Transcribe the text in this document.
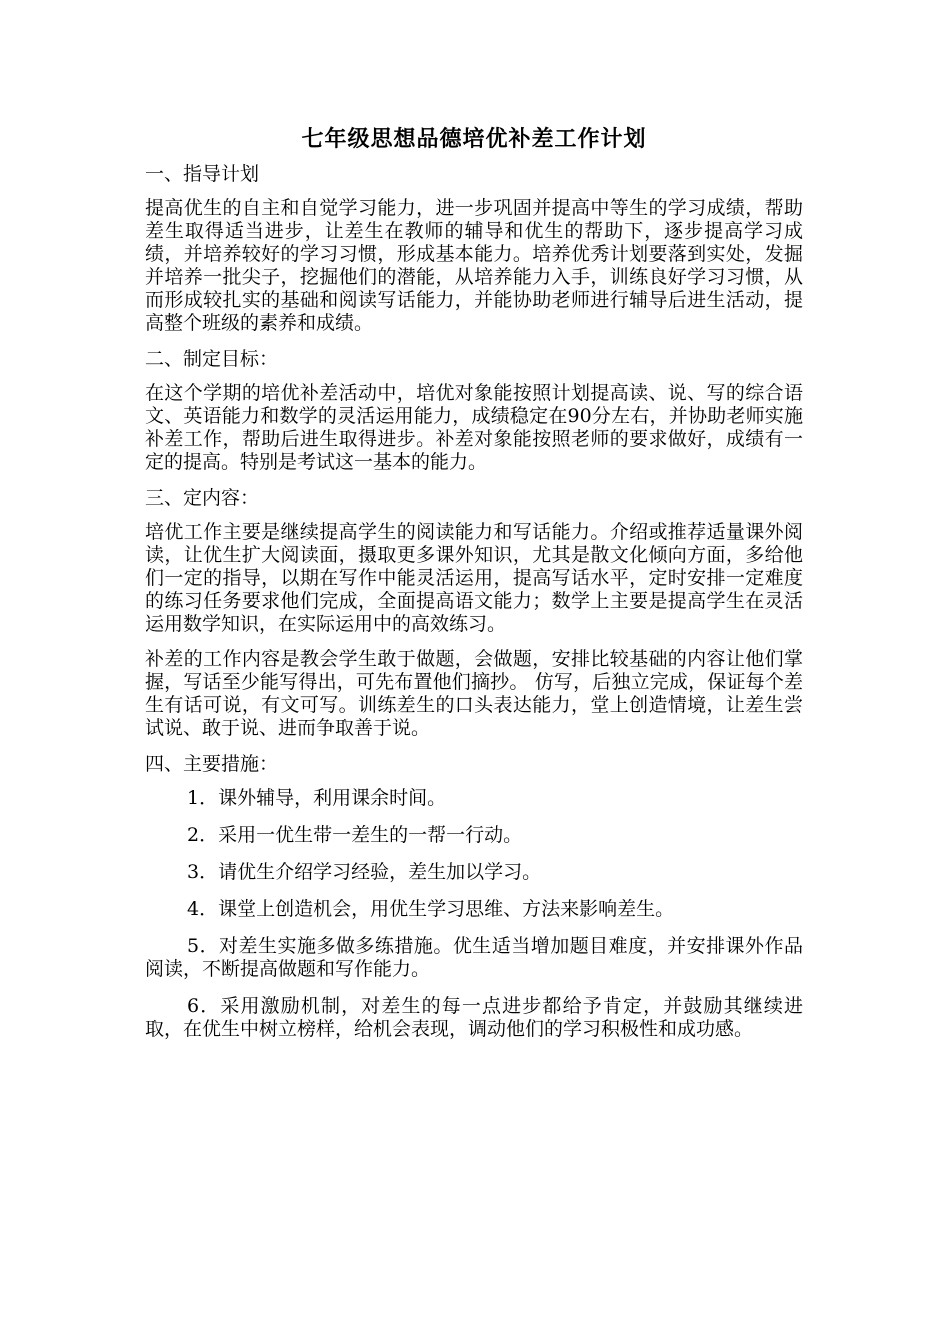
七年级思想品德培优补差工作计划
一、指导计划
提高优生的自主和自觉学习能力，进一步巩固并提高中等生的学习成绩，帮助差生取得适当进步，让差生在教师的辅导和优生的帮助下，逐步提高学习成绩，并培养较好的学习习惯，形成基本能力。培养优秀计划要落到实处，发掘并培养一批尖子，挖掘他们的潜能，从培养能力入手，训练良好学习习惯，从而形成较扎实的基础和阅读写话能力，并能协助老师进行辅导后进生活动，提高整个班级的素养和成绩。
二、制定目标：
在这个学期的培优补差活动中，培优对象能按照计划提高读、说、写的综合语文、英语能力和数学的灵活运用能力，成绩稳定在90分左右，并协助老师实施补差工作，帮助后进生取得进步。补差对象能按照老师的要求做好，成绩有一定的提高。特别是考试这一基本的能力。
三、定内容：
培优工作主要是继续提高学生的阅读能力和写话能力。介绍或推荐适量课外阅读，让优生扩大阅读面，摄取更多课外知识，尤其是散文化倾向方面，多给他们一定的指导，以期在写作中能灵活运用，提高写话水平，定时安排一定难度的练习任务要求他们完成，全面提高语文能力；数学上主要是提高学生在灵活运用数学知识，在实际运用中的高效练习。
补差的工作内容是教会学生敢于做题，会做题，安排比较基础的内容让他们掌握，写话至少能写得出，可先布置他们摘抄。 仿写，后独立完成，保证每个差生有话可说，有文可写。训练差生的口头表达能力，堂上创造情境，让差生尝试说、敢于说、进而争取善于说。
四、主要措施：
1．课外辅导，利用课余时间。
2．采用一优生带一差生的一帮一行动。
3．请优生介绍学习经验，差生加以学习。
4．课堂上创造机会，用优生学习思维、方法来影响差生。
5．对差生实施多做多练措施。优生适当增加题目难度，并安排课外作品阅读，不断提高做题和写作能力。
6．采用激励机制，对差生的每一点进步都给予肯定，并鼓励其继续进取，在优生中树立榜样，给机会表现，调动他们的学习积极性和成功感。
